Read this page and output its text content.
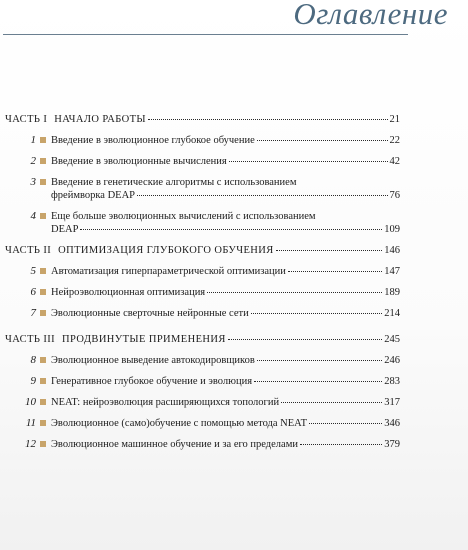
Оглавление
ЧАСТЬ I НАЧАЛО РАБОТЫ	21
1 Введение в эволюционное глубокое обучение	22
2 Введение в эволюционные вычисления	42
3 Введение в генетические алгоритмы с использованием
фреймворка DEAP	76
4 Еще больше эволюционных вычислений с использованием
DEAP	109
ЧАСТЬ II ОПТИМИЗАЦИЯ ГЛУБОКОГО ОБУЧЕНИЯ	146
5 Автоматизация гиперпараметрической оптимизации	147
6 Нейроэволюционная оптимизация	189
7 Эволюционные сверточные нейронные сети	214
ЧАСТЬ III ПРОДВИНУТЫЕ ПРИМЕНЕНИЯ	245
8 Эволюционное выведение автокодировщиков	246
9 Генеративное глубокое обучение и эволюция	283
10 NEAT: нейроэволюция расширяющихся топологий	317
11 Эволюционное (само)обучение с помощью метода NEAT	346
12 Эволюционное машинное обучение и за его пределами	379
